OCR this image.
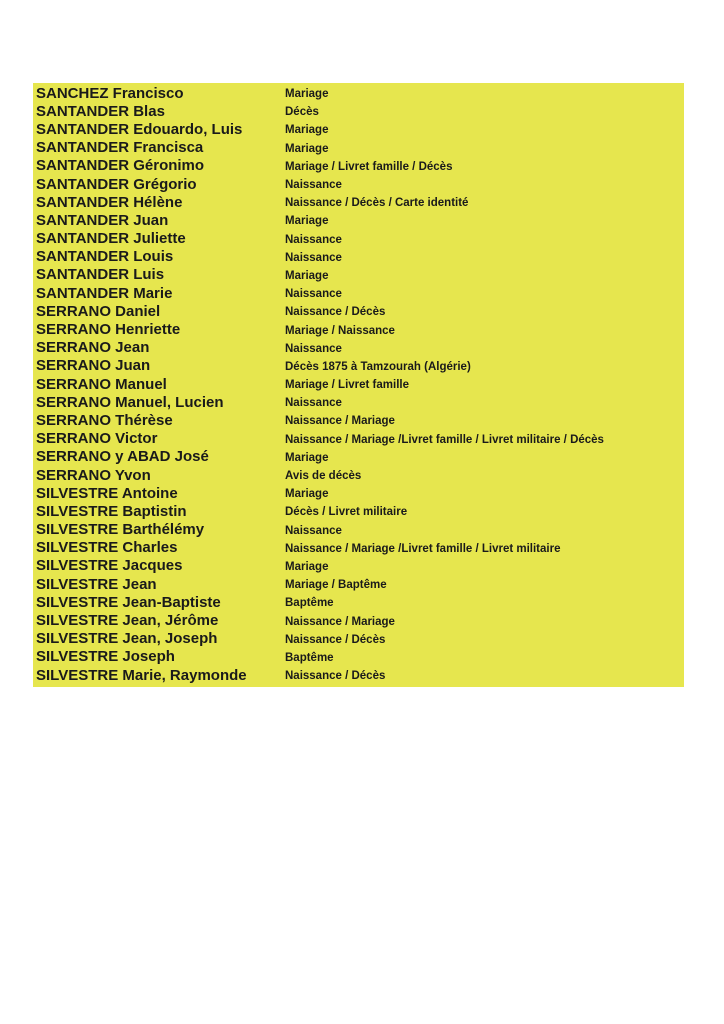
SANCHEZ Francisco	Mariage
SANTANDER Blas	Décès
SANTANDER Edouardo, Luis	Mariage
SANTANDER Francisca	Mariage
SANTANDER Géronimo	Mariage / Livret famille / Décès
SANTANDER Grégorio	Naissance
SANTANDER Hélène	Naissance / Décès / Carte identité
SANTANDER Juan	Mariage
SANTANDER Juliette	Naissance
SANTANDER Louis	Naissance
SANTANDER Luis	Mariage
SANTANDER Marie	Naissance
SERRANO Daniel	Naissance / Décès
SERRANO Henriette	Mariage / Naissance
SERRANO Jean	Naissance
SERRANO Juan	Décès 1875 à Tamzourah (Algérie)
SERRANO Manuel	Mariage / Livret famille
SERRANO Manuel, Lucien	Naissance
SERRANO Thérèse	Naissance / Mariage
SERRANO Victor	Naissance / Mariage /Livret famille / Livret militaire / Décès
SERRANO y ABAD José	Mariage
SERRANO Yvon	Avis de décès
SILVESTRE Antoine	Mariage
SILVESTRE Baptistin	Décès / Livret militaire
SILVESTRE Barthélémy	Naissance
SILVESTRE Charles	Naissance / Mariage /Livret famille / Livret militaire
SILVESTRE Jacques	Mariage
SILVESTRE Jean	Mariage / Baptême
SILVESTRE Jean-Baptiste	Baptême
SILVESTRE Jean, Jérôme	Naissance / Mariage
SILVESTRE Jean, Joseph	Naissance / Décès
SILVESTRE Joseph	Baptême
SILVESTRE Marie, Raymonde	Naissance / Décès
